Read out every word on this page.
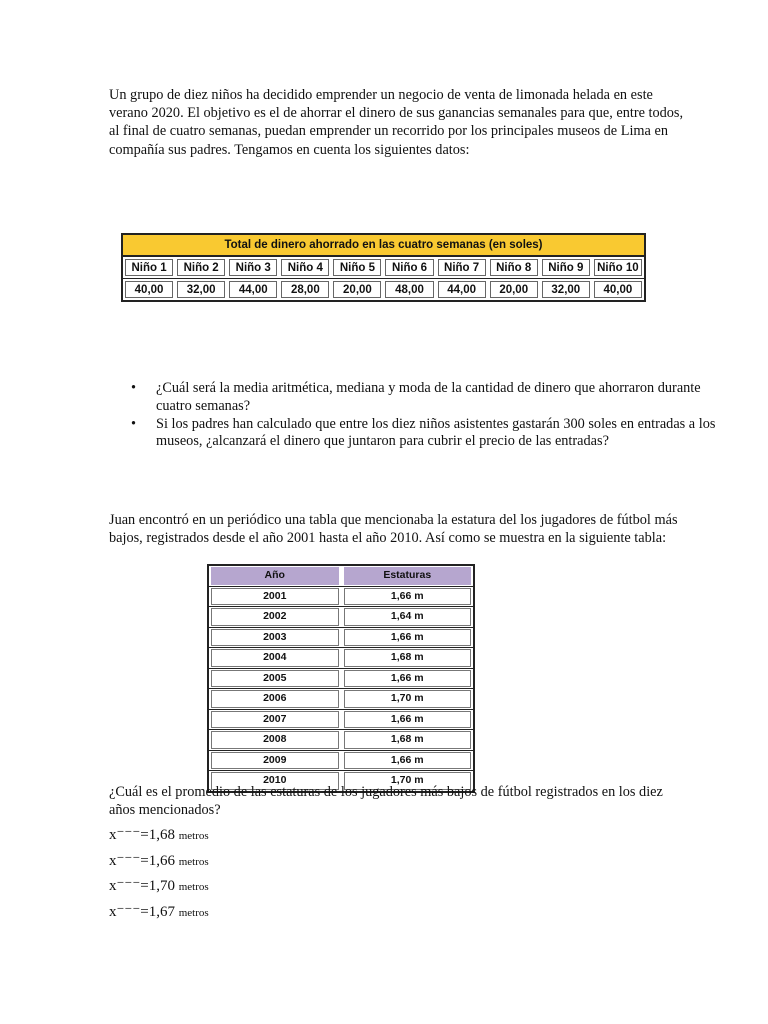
Un grupo de diez niños ha decidido emprender un negocio de venta de limonada helada en este verano 2020. El objetivo es el de ahorrar el dinero de sus ganancias semanales para que, entre todos, al final de cuatro semanas, puedan emprender un recorrido por los principales museos de Lima en compañía sus padres. Tengamos en cuenta los siguientes datos:

Total de dinero ahorrado en las cuatro semanas (en soles)
Niño 1	Niño 2	Niño 3	Niño 4	Niño 5	Niño 6	Niño 7	Niño 8	Niño 9	Niño 10
40,00	32,00	44,00	28,00	20,00	48,00	44,00	20,00	32,00	40,00
• ¿Cuál será la media aritmética, mediana y moda de la cantidad de dinero que ahorraron durante cuatro semanas?
• Si los padres han calculado que entre los diez niños asistentes gastarán 300 soles en entradas a los museos, ¿alcanzará el dinero que juntaron para cubrir el precio de las entradas?

Juan encontró en un periódico una tabla que mencionaba la estatura del los jugadores de fútbol más bajos, registrados desde el año 2001 hasta el año 2010. Así como se muestra en la siguiente tabla:

Año	Estaturas
2001	1,66 m
2002	1,64 m
2003	1,66 m
2004	1,68 m
2005	1,66 m
2006	1,70 m
2007	1,66 m
2008	1,68 m
2009	1,66 m
2010	1,70 m

¿Cuál es el promedio de las estaturas de los jugadores más bajos de fútbol registrados en los diez años mencionados?

x⁻⁻⁻=1,68 metros
x⁻⁻⁻=1,66 metros
x⁻⁻⁻=1,70 metros
x⁻⁻⁻=1,67 metros
